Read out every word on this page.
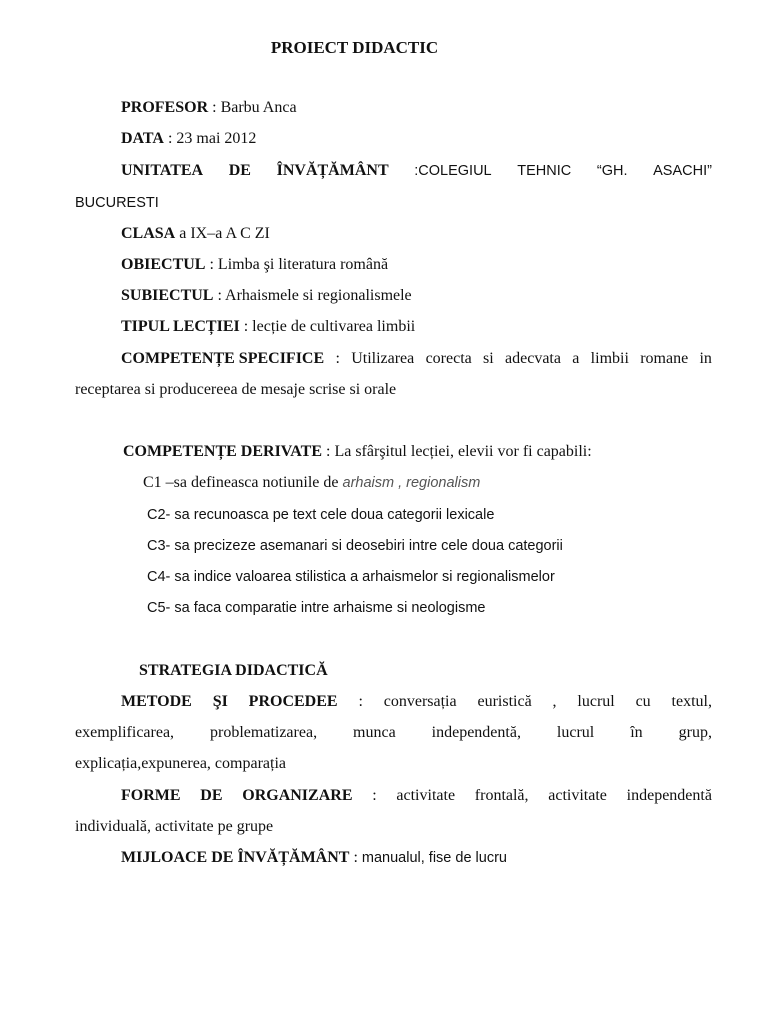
PROIECT DIDACTIC
PROFESOR : Barbu Anca
DATA : 23 mai 2012
UNITATEA DE ÎNVĂȚĂMÂNT :COLEGIUL TEHNIC “GH. ASACHI”
BUCURESTI
CLASA a IX–a A C ZI
OBIECTUL : Limba şi literatura română
SUBIECTUL : Arhaismele si regionalismele
TIPUL LECȚIEI : lecție de cultivarea limbii
COMPETENȚE SPECIFICE : Utilizarea corecta si adecvata a limbii romane in
receptarea si producereea de mesaje scrise si orale
COMPETENȚE DERIVATE : La sfârşitul lecției, elevii vor fi capabili:
C1 –sa defineasca notiunile de arhaism , regionalism
C2- sa recunoasca pe text cele doua categorii lexicale
C3- sa precizeze asemanari si deosebiri intre cele doua categorii
C4- sa indice valoarea stilistica a arhaismelor si regionalismelor
C5- sa faca comparatie intre arhaisme si neologisme
STRATEGIA DIDACTICĂ
METODE ŞI PROCEDEE : conversația euristică , lucrul cu textul,
exemplificarea, problematizarea, munca independentă, lucrul în grup,
explicația,expunerea, comparația
FORME DE ORGANIZARE : activitate frontală, activitate independentă
individuală, activitate pe grupe
MIJLOACE DE ÎNVĂȚĂMÂNT : manualul, fise de lucru
